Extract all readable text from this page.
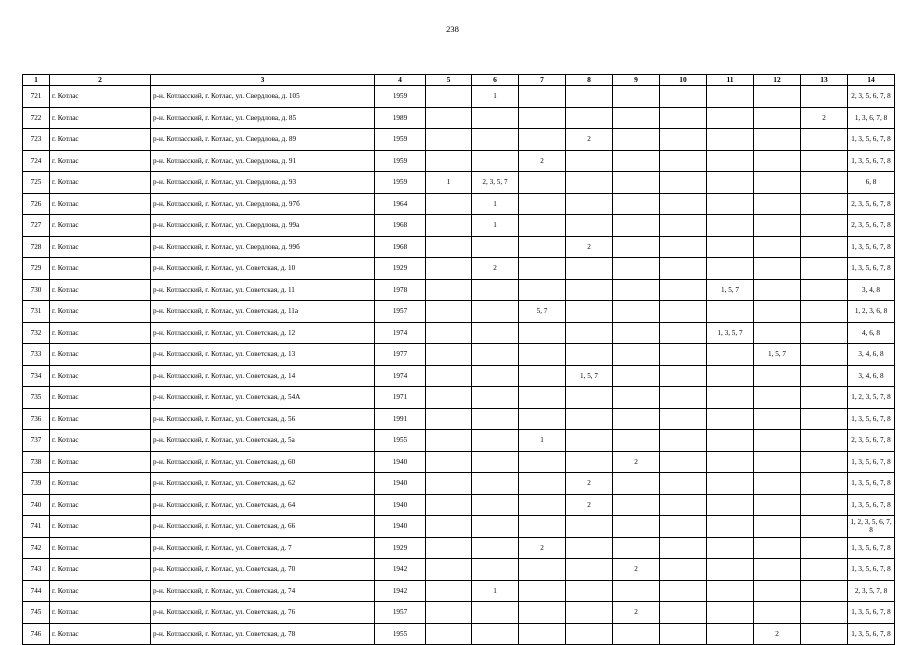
238
1	2	3	4	5	6	7	8	9	10	11	12	13	14
721	г. Котлас	р-н. Котласский, г. Котлас, ул. Свердлова, д. 105	1959		1								2, 3, 5, 6, 7, 8
722	г. Котлас	р-н. Котласский, г. Котлас, ул. Свердлова, д. 85	1989									2	1, 3, 6, 7, 8
723	г. Котлас	р-н. Котласский, г. Котлас, ул. Свердлова, д. 89	1959				2						1, 3, 5, 6, 7, 8
724	г. Котлас	р-н. Котласский, г. Котлас, ул. Свердлова, д. 91	1959			2							1, 3, 5, 6, 7, 8
725	г. Котлас	р-н. Котласский, г. Котлас, ул. Свердлова, д. 93	1959	1	2, 3, 5, 7								6, 8
726	г. Котлас	р-н. Котласский, г. Котлас, ул. Свердлова, д. 97б	1964		1								2, 3, 5, 6, 7, 8
727	г. Котлас	р-н. Котласский, г. Котлас, ул. Свердлова, д. 99а	1968		1								2, 3, 5, 6, 7, 8
728	г. Котлас	р-н. Котласский, г. Котлас, ул. Свердлова, д. 99б	1968				2						1, 3, 5, 6, 7, 8
729	г. Котлас	р-н. Котласский, г. Котлас, ул. Советская, д. 10	1929		2								1, 3, 5, 6, 7, 8
730	г. Котлас	р-н. Котласский, г. Котлас, ул. Советская, д. 11	1978							1, 5, 7			3, 4, 8
731	г. Котлас	р-н. Котласский, г. Котлас, ул. Советская, д. 11а	1957			5, 7							1, 2, 3, 6, 8
732	г. Котлас	р-н. Котласский, г. Котлас, ул. Советская, д. 12	1974							1, 3, 5, 7			4, 6, 8
733	г. Котлас	р-н. Котласский, г. Котлас, ул. Советская, д. 13	1977								1, 5, 7		3, 4, 6, 8
734	г. Котлас	р-н. Котласский, г. Котлас, ул. Советская, д. 14	1974				1, 5, 7						3, 4, 6, 8
735	г. Котлас	р-н. Котласский, г. Котлас, ул. Советская, д. 54А	1971										1, 2, 3, 5, 7, 8
736	г. Котлас	р-н. Котласский, г. Котлас, ул. Советская, д. 56	1991										1, 3, 5, 6, 7, 8
737	г. Котлас	р-н. Котласский, г. Котлас, ул. Советская, д. 5а	1955			1							2, 3, 5, 6, 7, 8
738	г. Котлас	р-н. Котласский, г. Котлас, ул. Советская, д. 60	1940					2					1, 3, 5, 6, 7, 8
739	г. Котлас	р-н. Котласский, г. Котлас, ул. Советская, д. 62	1940				2						1, 3, 5, 6, 7, 8
740	г. Котлас	р-н. Котласский, г. Котлас, ул. Советская, д. 64	1940				2						1, 3, 5, 6, 7, 8
741	г. Котлас	р-н. Котласский, г. Котлас, ул. Советская, д. 66	1940										1, 2, 3, 5, 6, 7, 8
742	г. Котлас	р-н. Котласский, г. Котлас, ул. Советская, д. 7	1929			2							1, 3, 5, 6, 7, 8
743	г. Котлас	р-н. Котласский, г. Котлас, ул. Советская, д. 70	1942					2					1, 3, 5, 6, 7, 8
744	г. Котлас	р-н. Котласский, г. Котлас, ул. Советская, д. 74	1942		1								2, 3, 5, 7, 8
745	г. Котлас	р-н. Котласский, г. Котлас, ул. Советская, д. 76	1957					2					1, 3, 5, 6, 7, 8
746	г. Котлас	р-н. Котласский, г. Котлас, ул. Советская, д. 78	1955								2		1, 3, 5, 6, 7, 8
